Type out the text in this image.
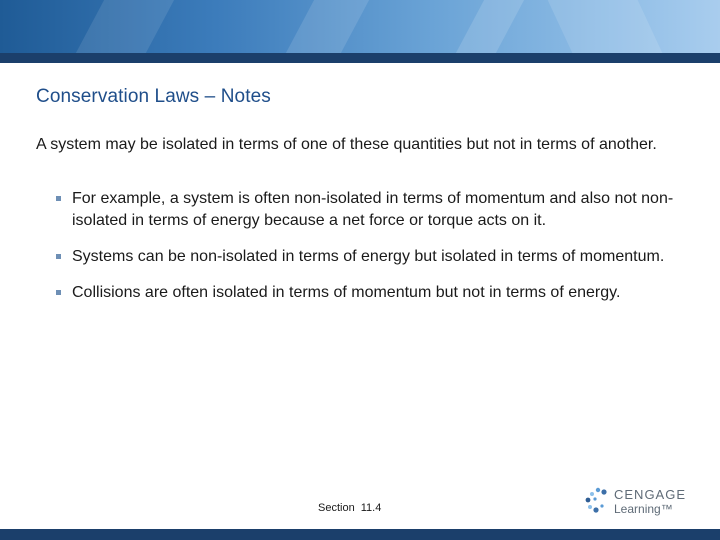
Conservation Laws – Notes
A system may be isolated in terms of one of these quantities but not in terms of another.
For example, a system is often non-isolated in terms of momentum and also not non-isolated in terms of energy because a net force or torque acts on it.
Systems can be non-isolated in terms of energy but isolated in terms of momentum.
Collisions are often isolated in terms of momentum but not in terms of energy.
Section 11.4
CENGAGE
Learning™
